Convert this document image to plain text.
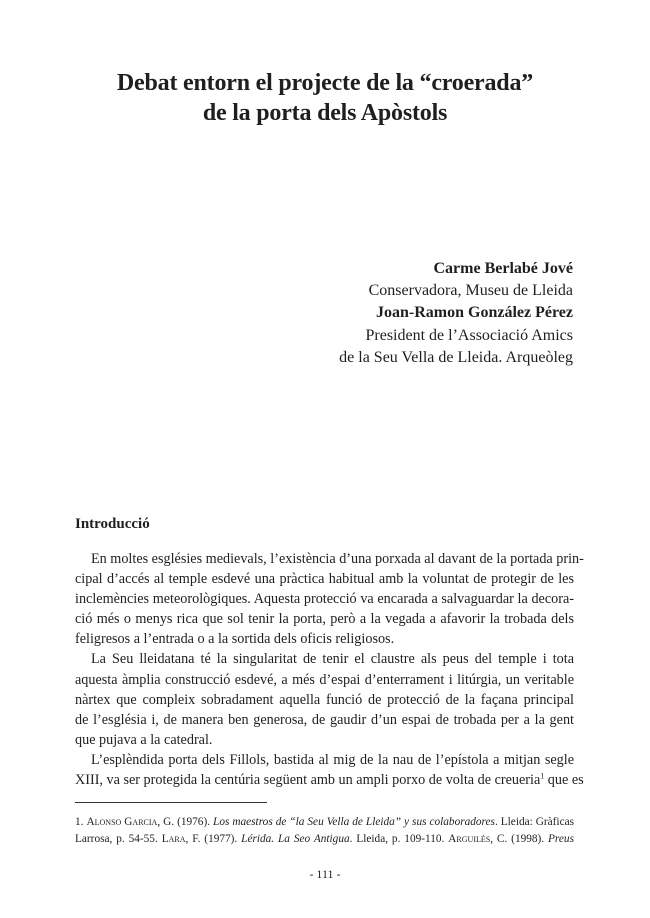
Debat entorn el projecte de la “croerada”
de la porta dels Apòstols
Carme Berlabé Jové
Conservadora, Museu de Lleida
Joan-Ramon González Pérez
President de l’Associació Amics
de la Seu Vella de Lleida. Arqueòleg
Introducció
En moltes esglésies medievals, l’existència d’una porxada al davant de la portada prin-
cipal d’accés al temple esdevé una pràctica habitual amb la voluntat de protegir de les
inclemències meteorològiques. Aquesta protecció va encarada a salvaguardar la decora-
ció més o menys rica que sol tenir la porta, però a la vegada a afavorir la trobada dels
feligresos a l’entrada o a la sortida dels oficis religiosos.
La Seu lleidatana té la singularitat de tenir el claustre als peus del temple i tota
aquesta àmplia construcció esdevé, a més d’espai d’enterrament i litúrgia, un veritable
nàrtex que compleix sobradament aquella funció de protecció de la façana principal
de l’església i, de manera ben generosa, de gaudir d’un espai de trobada per a la gent
que pujava a la catedral.
L’esplèndida porta dels Fillols, bastida al mig de la nau de l’epístola a mitjan segle
XIII, va ser protegida la centúria següent amb un ampli porxo de volta de creueria$^1$ que es
1. Alonso Garcia, G. (1976). Los maestros de “la Seu Vella de Lleida” y sus colaboradores. Lleida: Gràficas
Larrosa, p. 54-55. Lara, F. (1977). Lérida. La Seo Antigua. Lleida, p. 109-110. Arguilés, C. (1998). Preus
- 111 -
